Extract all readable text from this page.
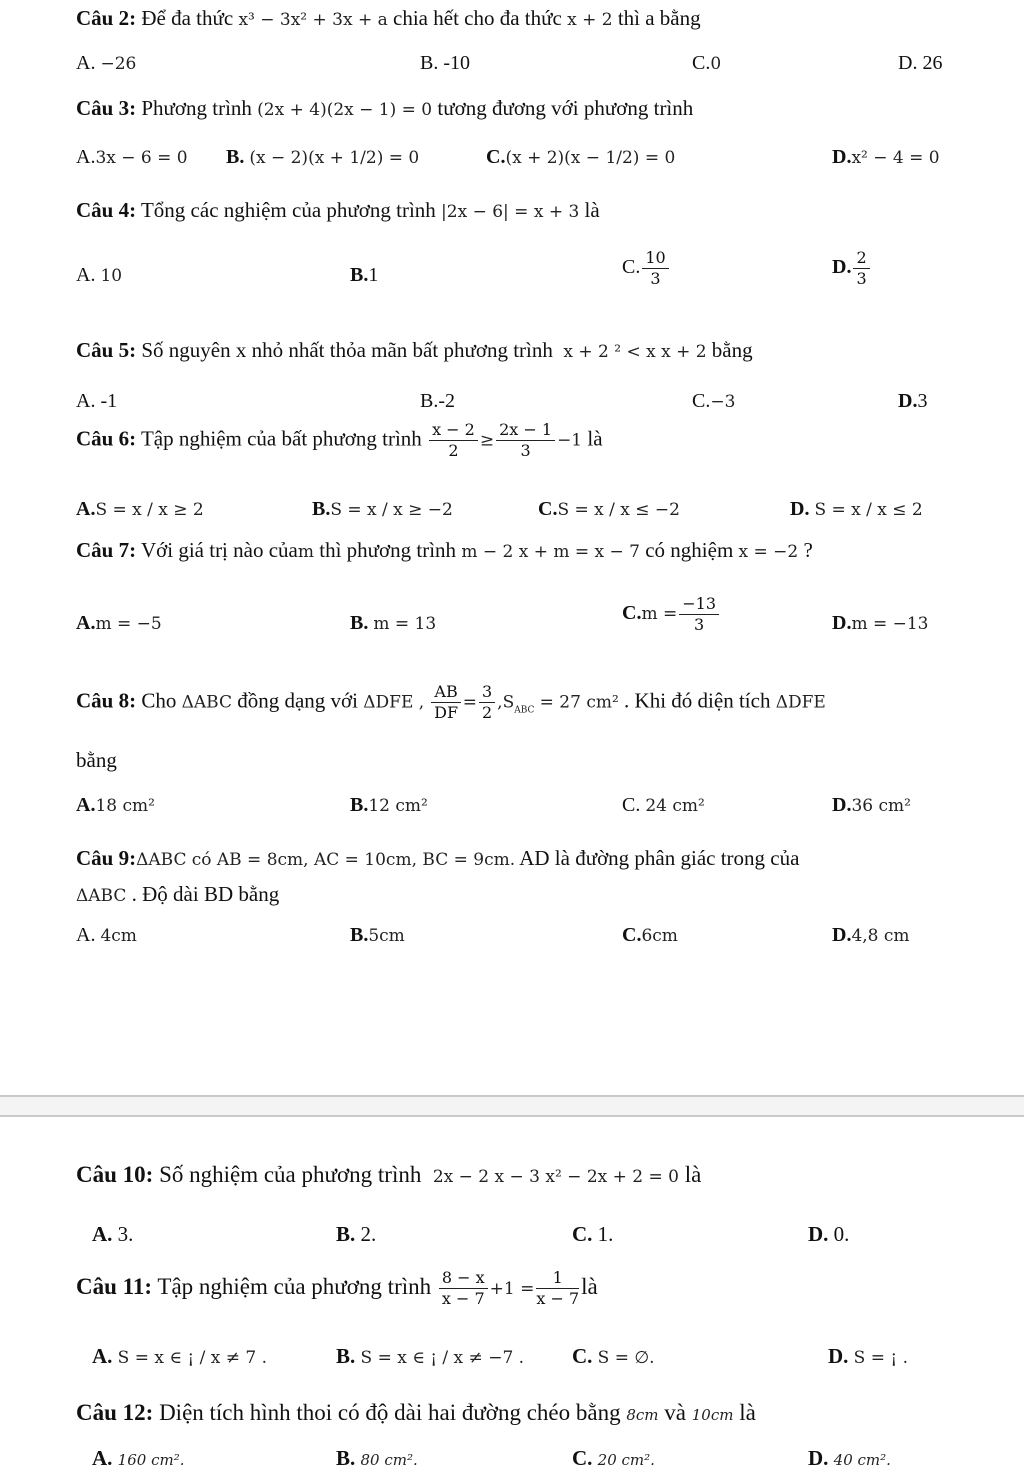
Câu 2: Để đa thức x³ − 3x² + 3x + a chia hết cho đa thức x + 2 thì a bằng
A. −26	B. -10	C.0	D. 26
Câu 3: Phương trình (2x + 4)(2x − 1) = 0 tương đương với phương trình
A.3x − 6 = 0 B. (x − 2)(x + 1/2) = 0	C.(x + 2)(x − 1/2) = 0	D.x² − 4 = 0
Câu 4: Tổng các nghiệm của phương trình |2x − 6| = x + 3 là
A. 10	B.1	C. $\frac{10}{3}$	D. $\frac{2}{3}$
Câu 5: Số nguyên x nhỏ nhất thỏa mãn bất phương trình x + 2 ² < x x + 2 bằng
A. -1	B.-2	C.−3	D.3
Câu 6: Tập nghiệm của bất phương trình $\frac{x - 2}{2} \ge \frac{2x - 1}{3} -1$ là
A.S = x / x ≥ 2	B.S = x / x ≥ −2	C.S = x / x ≤ −2	D. S = x / x ≤ 2
Câu 7: Với giá trị nào củam thì phương trình m − 2 x + m = x − 7 có nghiệm x = −2 ?
A.m = −5	B. m = 13	$C.m = \frac{-13}{3}$	D.m = −13
Câu 8: Cho ΔABC đồng dạng với ΔDFE , $\frac{AB}{DF} = \frac{3}{2} ,S_{ABC} = 27$ cm² . Khi đó diện tích ΔDFE
bằng
A.18 cm²	B.12 cm²	C. 24 cm²	D.36 cm²
Câu 9:ΔABC có AB = 8cm, AC = 10cm, BC = 9cm. AD là đường phân giác trong của
ΔABC . Độ dài BD bằng
A. 4cm	B.5cm	C.6cm	D.4,8 cm
Câu 10: Số nghiệm của phương trình 2x − 2 x − 3 x² − 2x + 2 = 0 là
A. 3.	B. 2.	C. 1.	D. 0.
Câu 11: Tập nghiệm của phương trình $\frac{8 - x}{x - 7} +1 = \frac{1}{x - 7}$ là
A. S = x ∈ ¡ / x ≠ 7 .	B. S = x ∈ ¡ / x ≠ −7 . C. S = ∅.	D. S = ¡ .
Câu 12: Diện tích hình thoi có độ dài hai đường chéo bằng 8cm và 10cm là
A. 160 cm².	B. 80 cm².	C. 20 cm².	D. 40 cm².
